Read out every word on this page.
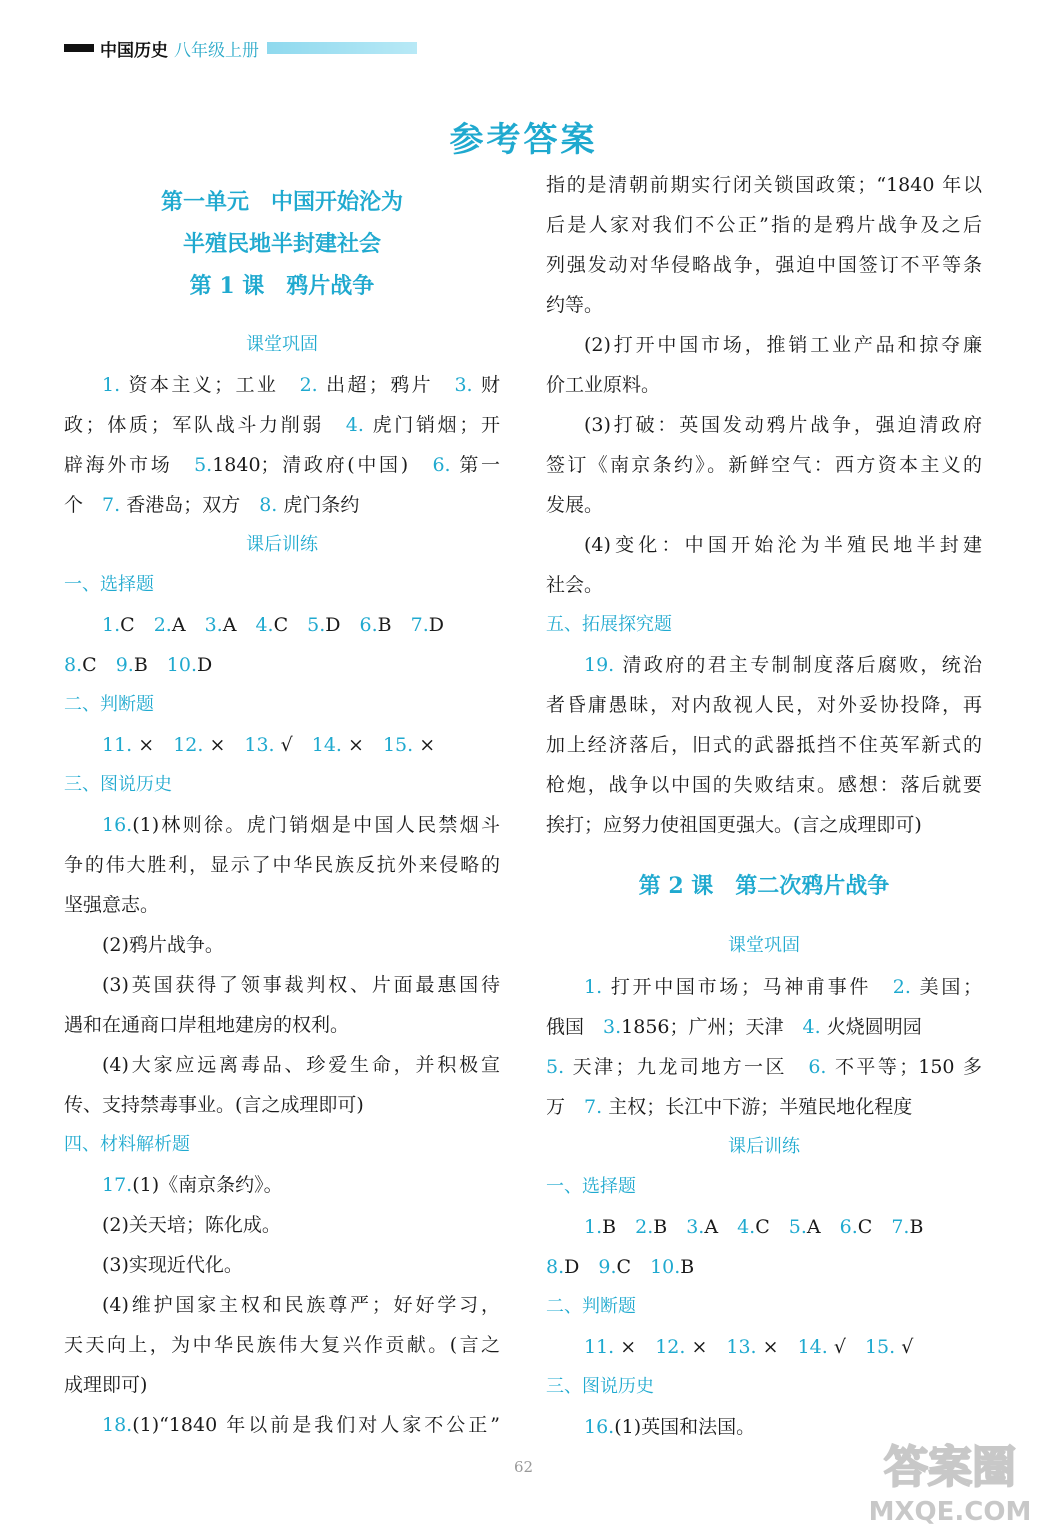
中国历史 八年级上册
参考答案
第一单元　中国开始沦为
半殖民地半封建社会
第 1 课　鸦片战争
课堂巩固
1. 资本主义；工业　2. 出超；鸦片　3. 财
政；体质；军队战斗力削弱　4. 虎门销烟；开
辟海外市场　5.1840；清政府(中国)　6. 第一
个　7. 香港岛；双方　8. 虎门条约
课后训练
一、选择题
1.C　2.A　3.A　4.C　5.D　6.B　7.D
8.C　9.B　10.D
二、判断题
11. ×　12. ×　13. √　14. ×　15. ×
三、图说历史
16.(1)林则徐。虎门销烟是中国人民禁烟斗
争的伟大胜利，显示了中华民族反抗外来侵略的
坚强意志。
(2)鸦片战争。
(3)英国获得了领事裁判权、片面最惠国待
遇和在通商口岸租地建房的权利。
(4)大家应远离毒品、珍爱生命，并积极宣
传、支持禁毒事业。(言之成理即可)
四、材料解析题
17.(1)《南京条约》。
(2)关天培；陈化成。
(3)实现近代化。
(4)维护国家主权和民族尊严；好好学习，
天天向上，为中华民族伟大复兴作贡献。(言之
成理即可)
18.(1)“1840 年以前是我们对人家不公正”
指的是清朝前期实行闭关锁国政策；“1840 年以
后是人家对我们不公正”指的是鸦片战争及之后
列强发动对华侵略战争，强迫中国签订不平等条
约等。
(2)打开中国市场，推销工业产品和掠夺廉
价工业原料。
(3)打破：英国发动鸦片战争，强迫清政府
签订《南京条约》。新鲜空气：西方资本主义的
发展。
(4)变化：中国开始沦为半殖民地半封建
社会。
五、拓展探究题
19. 清政府的君主专制制度落后腐败，统治
者昏庸愚昧，对内敌视人民，对外妥协投降，再
加上经济落后，旧式的武器抵挡不住英军新式的
枪炮，战争以中国的失败结束。感想：落后就要
挨打；应努力使祖国更强大。(言之成理即可)
第 2 课　第二次鸦片战争
课堂巩固
1. 打开中国市场；马神甫事件　2. 美国；
俄国　3.1856；广州；天津　4. 火烧圆明园
5. 天津；九龙司地方一区　6. 不平等；150 多
万　7. 主权；长江中下游；半殖民地化程度
课后训练
一、选择题
1.B　2.B　3.A　4.C　5.A　6.C　7.B
8.D　9.C　10.B
二、判断题
11. ×　12. ×　13. ×　14. √　15. √
三、图说历史
16.(1)英国和法国。
62	答案圈
MXQE.COM
